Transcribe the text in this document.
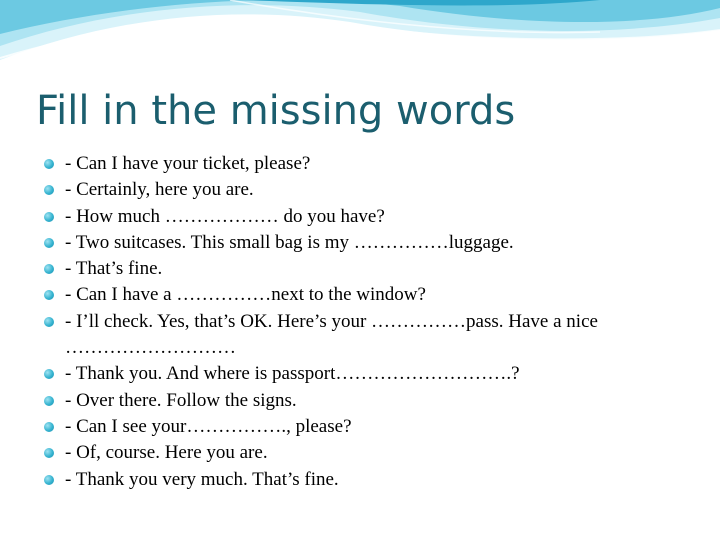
Fill in the missing words
- Can I have your ticket, please?
- Certainly, here you are.
- How much ……………… do you have?
- Two suitcases. This small bag is my ……………luggage.
- That’s fine.
- Can I have a ……………next to the window?
- I’ll check. Yes, that’s OK. Here’s your ……………pass. Have a nice ………………………
- Thank you. And where is passport……………………….?
- Over there. Follow the signs.
- Can I see your……………., please?
- Of, course. Here you are.
- Thank you very much. That’s fine.
